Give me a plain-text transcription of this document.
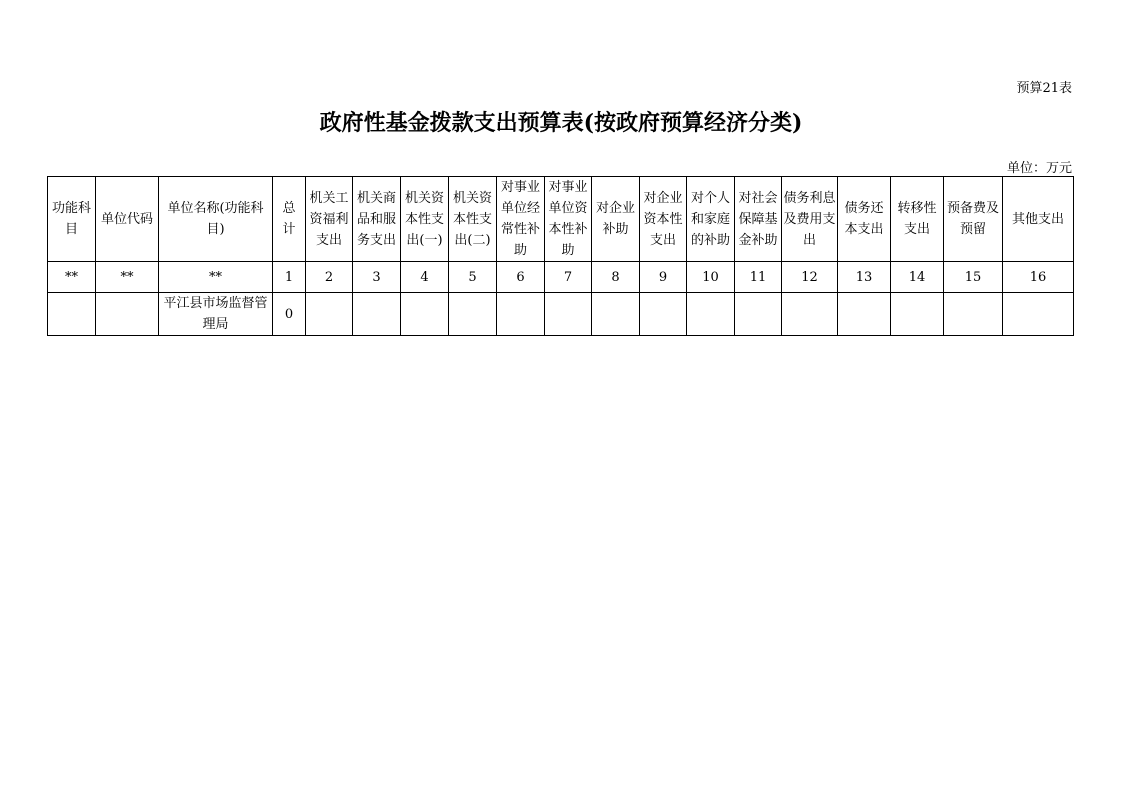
预算21表
政府性基金拨款支出预算表(按政府预算经济分类)
单位：万元
功能科目	单位代码	单位名称(功能科目)	总计	机关工资福利支出	机关商品和服务支出	机关资本性支出(一)	机关资本性支出(二)	对事业单位经常性补助	对事业单位资本性补助	对企业补助	对企业资本性支出	对个人和家庭的补助	对社会保障基金补助	债务利息及费用支出	债务还本支出	转移性支出	预备费及预留	其他支出
**	**	**	1	2	3	4	5	6	7	8	9	10	11	12	13	14	15	16
		平江县市场监督管理局	0															
